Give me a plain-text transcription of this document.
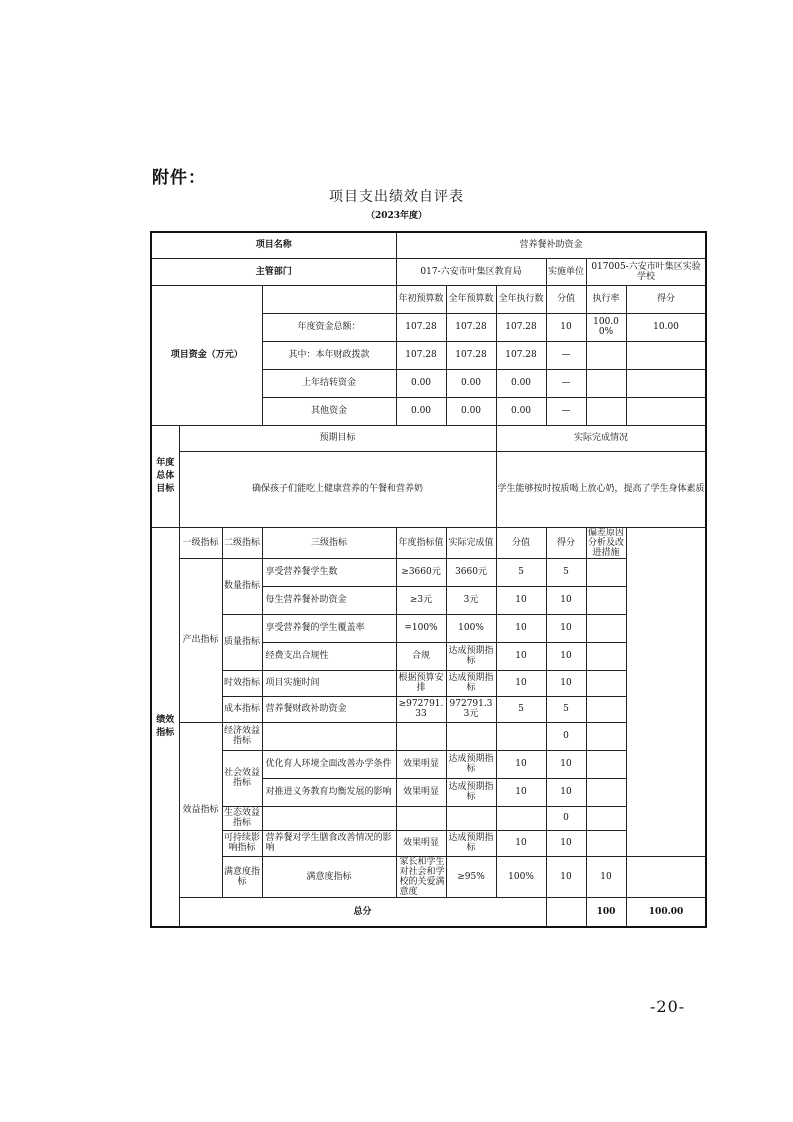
附件：
项目支出绩效自评表
（2023年度）
项目名称				营养餐补助资金						
主管部门				017-六安市叶集区教育局			实施单位	017005-六安市叶集区实验学校		
项目资金（万元）				年初预算数	全年预算数	全年执行数	分值	执行率	得分	
			年度资金总额：	107.28	107.28	107.28	10	100.00%	10.00	
			其中：本年财政拨款	107.28	107.28	107.28	—			
			上年结转资金	0.00	0.00	0.00	—			
			其他资金	0.00	0.00	0.00	—			
年度总体目标	预期目标					实际完成情况				
	确保孩子们能吃上健康营养的午餐和营养奶					学生能够按时按质喝上放心奶，提高了学生身体素质				
绩效指标	一级指标	二级指标	三级指标	年度指标值	实际完成值	分值	得分	偏差原因分析及改进措施		
	产出指标	数量指标	享受营养餐学生数	≥3660元	3660元	5	5			
			每生营养餐补助资金	≥3元	3元	10	10			
		质量指标	享受营养餐的学生覆盖率	=100%	100%	10	10			
			经费支出合规性	合规	达成预期指标	10	10			
		时效指标	项目实施时间	根据预算安排	达成预期指标	10	10			
		成本指标	营养餐财政补助资金	≥972791.33	972791.33元	5	5			
	效益指标	经济效益指标					0			
		社会效益指标	优化育人环境全面改善办学条件	效果明显	达成预期指标	10	10			
			对推进义务教育均衡发展的影响	效果明显	达成预期指标	10	10			
		生态效益指标					0			
		可持续影响指标	营养餐对学生膳食改善情况的影响	效果明显	达成预期指标	10	10			
		满意度指标	满意度指标	家长和学生对社会和学校的关爱满意度	≥95%	100%	10	10		
	总分							100	100.00	
-20-
